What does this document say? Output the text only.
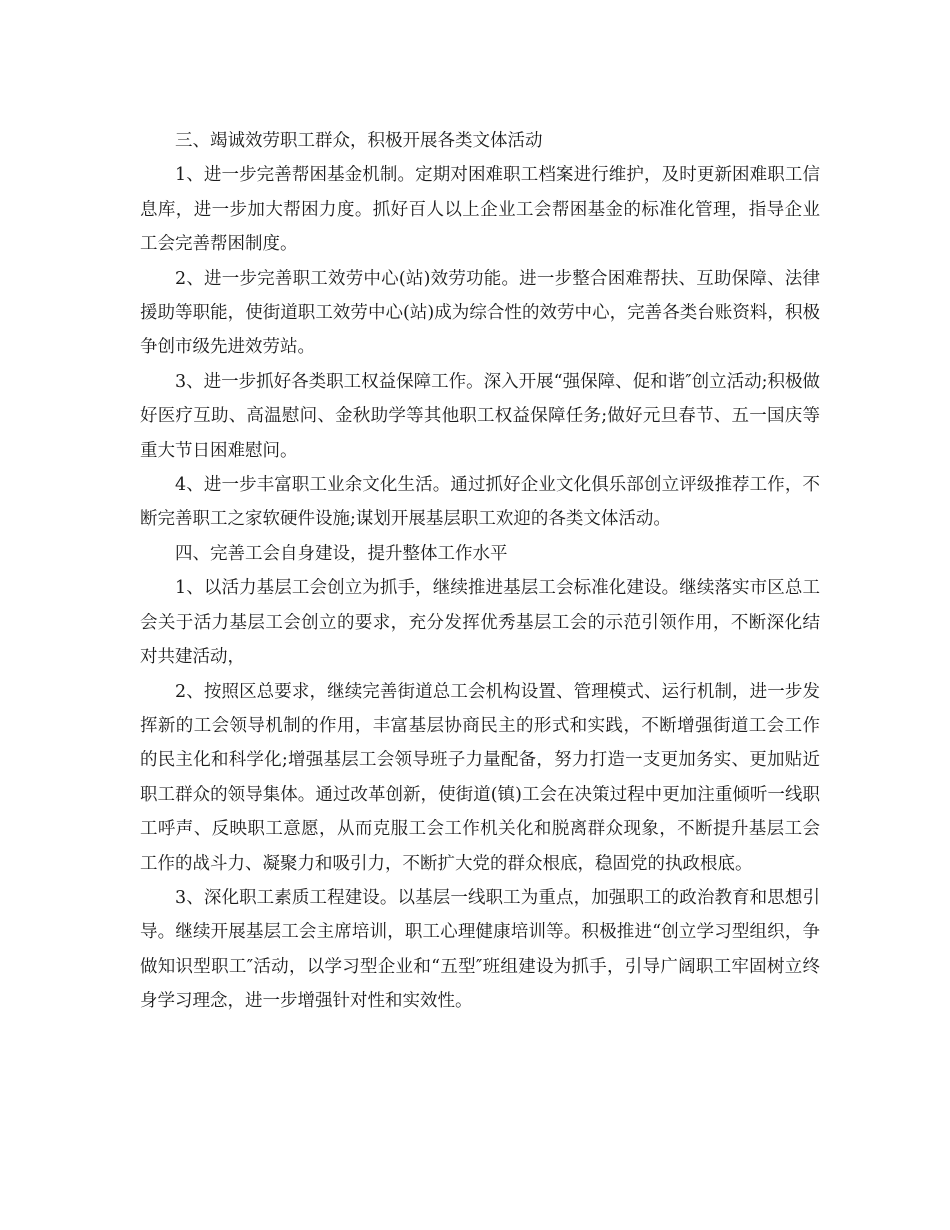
三、竭诚效劳职工群众，积极开展各类文体活动

1、进一步完善帮困基金机制。定期对困难职工档案进行维护，及时更新困难职工信息库，进一步加大帮困力度。抓好百人以上企业工会帮困基金的标准化管理，指导企业工会完善帮困制度。

2、进一步完善职工效劳中心(站)效劳功能。进一步整合困难帮扶、互助保障、法律援助等职能，使街道职工效劳中心(站)成为综合性的效劳中心，完善各类台账资料，积极争创市级先进效劳站。

3、进一步抓好各类职工权益保障工作。深入开展“强保障、促和谐″创立活动;积极做好医疗互助、高温慰问、金秋助学等其他职工权益保障任务;做好元旦春节、五一国庆等重大节日困难慰问。

4、进一步丰富职工业余文化生活。通过抓好企业文化俱乐部创立评级推荐工作，不断完善职工之家软硬件设施;谋划开展基层职工欢迎的各类文体活动。

四、完善工会自身建设，提升整体工作水平

1、以活力基层工会创立为抓手，继续推进基层工会标准化建设。继续落实市区总工会关于活力基层工会创立的要求，充分发挥优秀基层工会的示范引领作用，不断深化结对共建活动，

2、按照区总要求，继续完善街道总工会机构设置、管理模式、运行机制，进一步发挥新的工会领导机制的作用，丰富基层协商民主的形式和实践，不断增强街道工会工作的民主化和科学化;增强基层工会领导班子力量配备，努力打造一支更加务实、更加贴近职工群众的领导集体。通过改革创新，使街道(镇)工会在决策过程中更加注重倾听一线职工呼声、反映职工意愿，从而克服工会工作机关化和脱离群众现象，不断提升基层工会工作的战斗力、凝聚力和吸引力，不断扩大党的群众根底，稳固党的执政根底。

3、深化职工素质工程建设。以基层一线职工为重点，加强职工的政治教育和思想引导。继续开展基层工会主席培训，职工心理健康培训等。积极推进“创立学习型组织，争做知识型职工″活动，以学习型企业和“五型″班组建设为抓手，引导广阔职工牢固树立终身学习理念，进一步增强针对性和实效性。
